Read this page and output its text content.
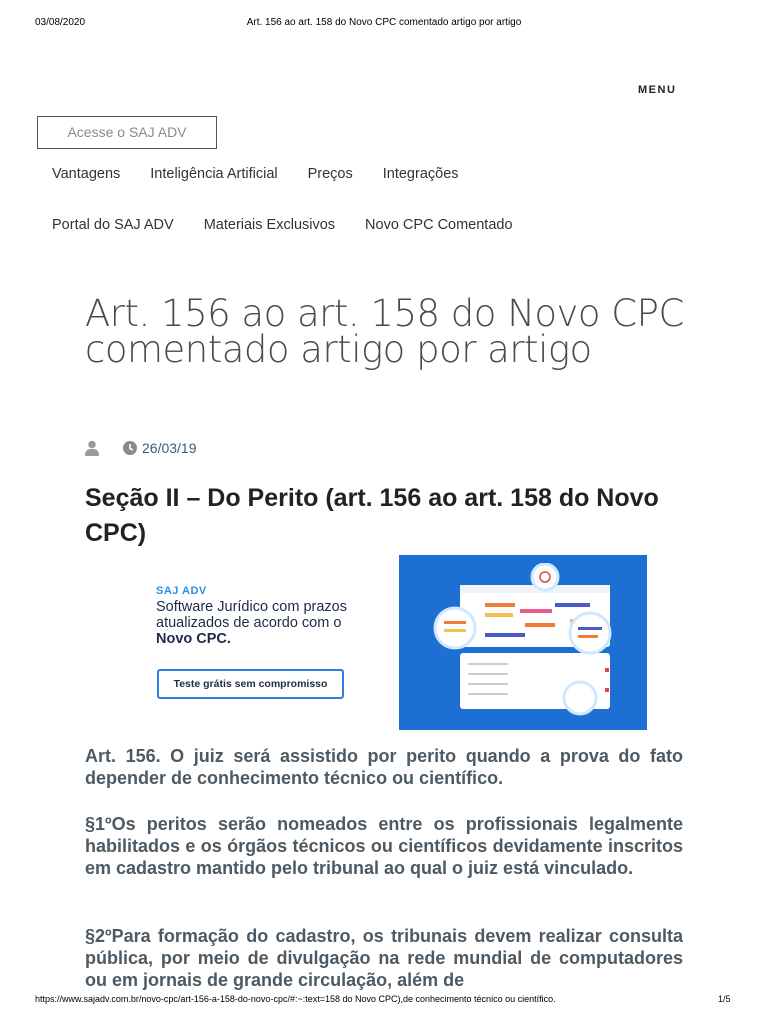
03/08/2020	Art. 156 ao art. 158 do Novo CPC comentado artigo por artigo
MENU
Acesse o SAJ ADV
Vantagens Inteligência Artificial Preços Integrações
Portal do SAJ ADV Materiais Exclusivos Novo CPC Comentado
Art. 156 ao art. 158 do Novo CPC comentado artigo por artigo
26/03/19
Seção II – Do Perito (art. 156 ao art. 158 do Novo CPC)
SAJ ADV
Software Jurídico com prazos atualizados de acordo com o Novo CPC.
Teste grátis sem compromisso

Art. 156. O juiz será assistido por perito quando a prova do fato depender de conhecimento técnico ou científico.

§1ºOs peritos serão nomeados entre os profissionais legalmente habilitados e os órgãos técnicos ou científicos devidamente inscritos em cadastro mantido pelo tribunal ao qual o juiz está vinculado.

§2ºPara formação do cadastro, os tribunais devem realizar consulta pública, por meio de divulgação na rede mundial de computadores ou em jornais de grande circulação, além de

https://www.sajadv.com.br/novo-cpc/art-156-a-158-do-novo-cpc/#:~:text=158 do Novo CPC),de conhecimento técnico ou científico.	1/5
